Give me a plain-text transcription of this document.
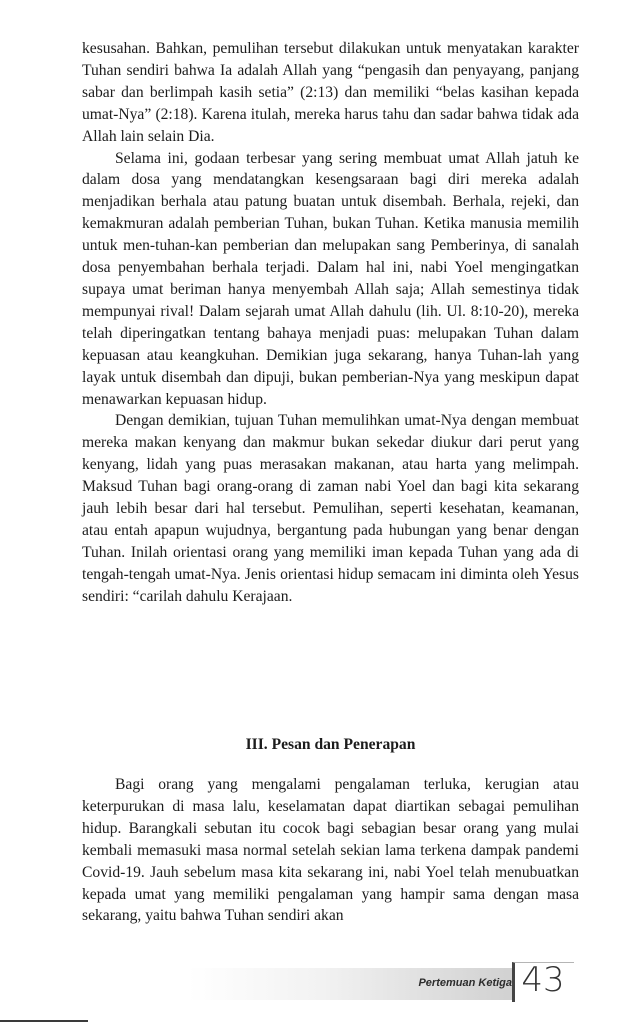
kesusahan. Bahkan, pemulihan tersebut dilakukan untuk menyatakan karakter Tuhan sendiri bahwa Ia adalah Allah yang “pengasih dan penyayang, panjang sabar dan berlimpah kasih setia” (2:13) dan memiliki “belas kasihan kepada umat-Nya” (2:18). Karena itulah, mereka harus tahu dan sadar bahwa tidak ada Allah lain selain Dia.

Selama ini, godaan terbesar yang sering membuat umat Allah jatuh ke dalam dosa yang mendatangkan kesengsaraan bagi diri mereka adalah menjadikan berhala atau patung buatan untuk disembah. Berhala, rejeki, dan kemakmuran adalah pemberian Tuhan, bukan Tuhan. Ketika manusia memilih untuk men-tuhan-kan pemberian dan melupakan sang Pemberinya, di sanalah dosa penyembahan berhala terjadi. Dalam hal ini, nabi Yoel mengingatkan supaya umat beriman hanya menyembah Allah saja; Allah semestinya tidak mempunyai rival! Dalam sejarah umat Allah dahulu (lih. Ul. 8:10-20), mereka telah diperingatkan tentang bahaya menjadi puas: melupakan Tuhan dalam kepuasan atau keangkuhan. Demikian juga sekarang, hanya Tuhan-lah yang layak untuk disembah dan dipuji, bukan pemberian-Nya yang meskipun dapat menawarkan kepuasan hidup.

Dengan demikian, tujuan Tuhan memulihkan umat-Nya dengan membuat mereka makan kenyang dan makmur bukan sekedar diukur dari perut yang kenyang, lidah yang puas merasakan makanan, atau harta yang melimpah. Maksud Tuhan bagi orang-orang di zaman nabi Yoel dan bagi kita sekarang jauh lebih besar dari hal tersebut. Pemulihan, seperti kesehatan, keamanan, atau entah apapun wujudnya, bergantung pada hubungan yang benar dengan Tuhan. Inilah orientasi orang yang memiliki iman kepada Tuhan yang ada di tengah-tengah umat-Nya. Jenis orientasi hidup semacam ini diminta oleh Yesus sendiri: “carilah dahulu Kerajaan.

III. Pesan dan Penerapan

Bagi orang yang mengalami pengalaman terluka, kerugian atau keterpurukan di masa lalu, keselamatan dapat diartikan sebagai pemulihan hidup. Barangkali sebutan itu cocok bagi sebagian besar orang yang mulai kembali memasuki masa normal setelah sekian lama terkena dampak pandemi Covid-19. Jauh sebelum masa kita sekarang ini, nabi Yoel telah menubuatkan kepada umat yang memiliki pengalaman yang hampir sama dengan masa sekarang, yaitu bahwa Tuhan sendiri akan

Pertemuan Ketiga 43
